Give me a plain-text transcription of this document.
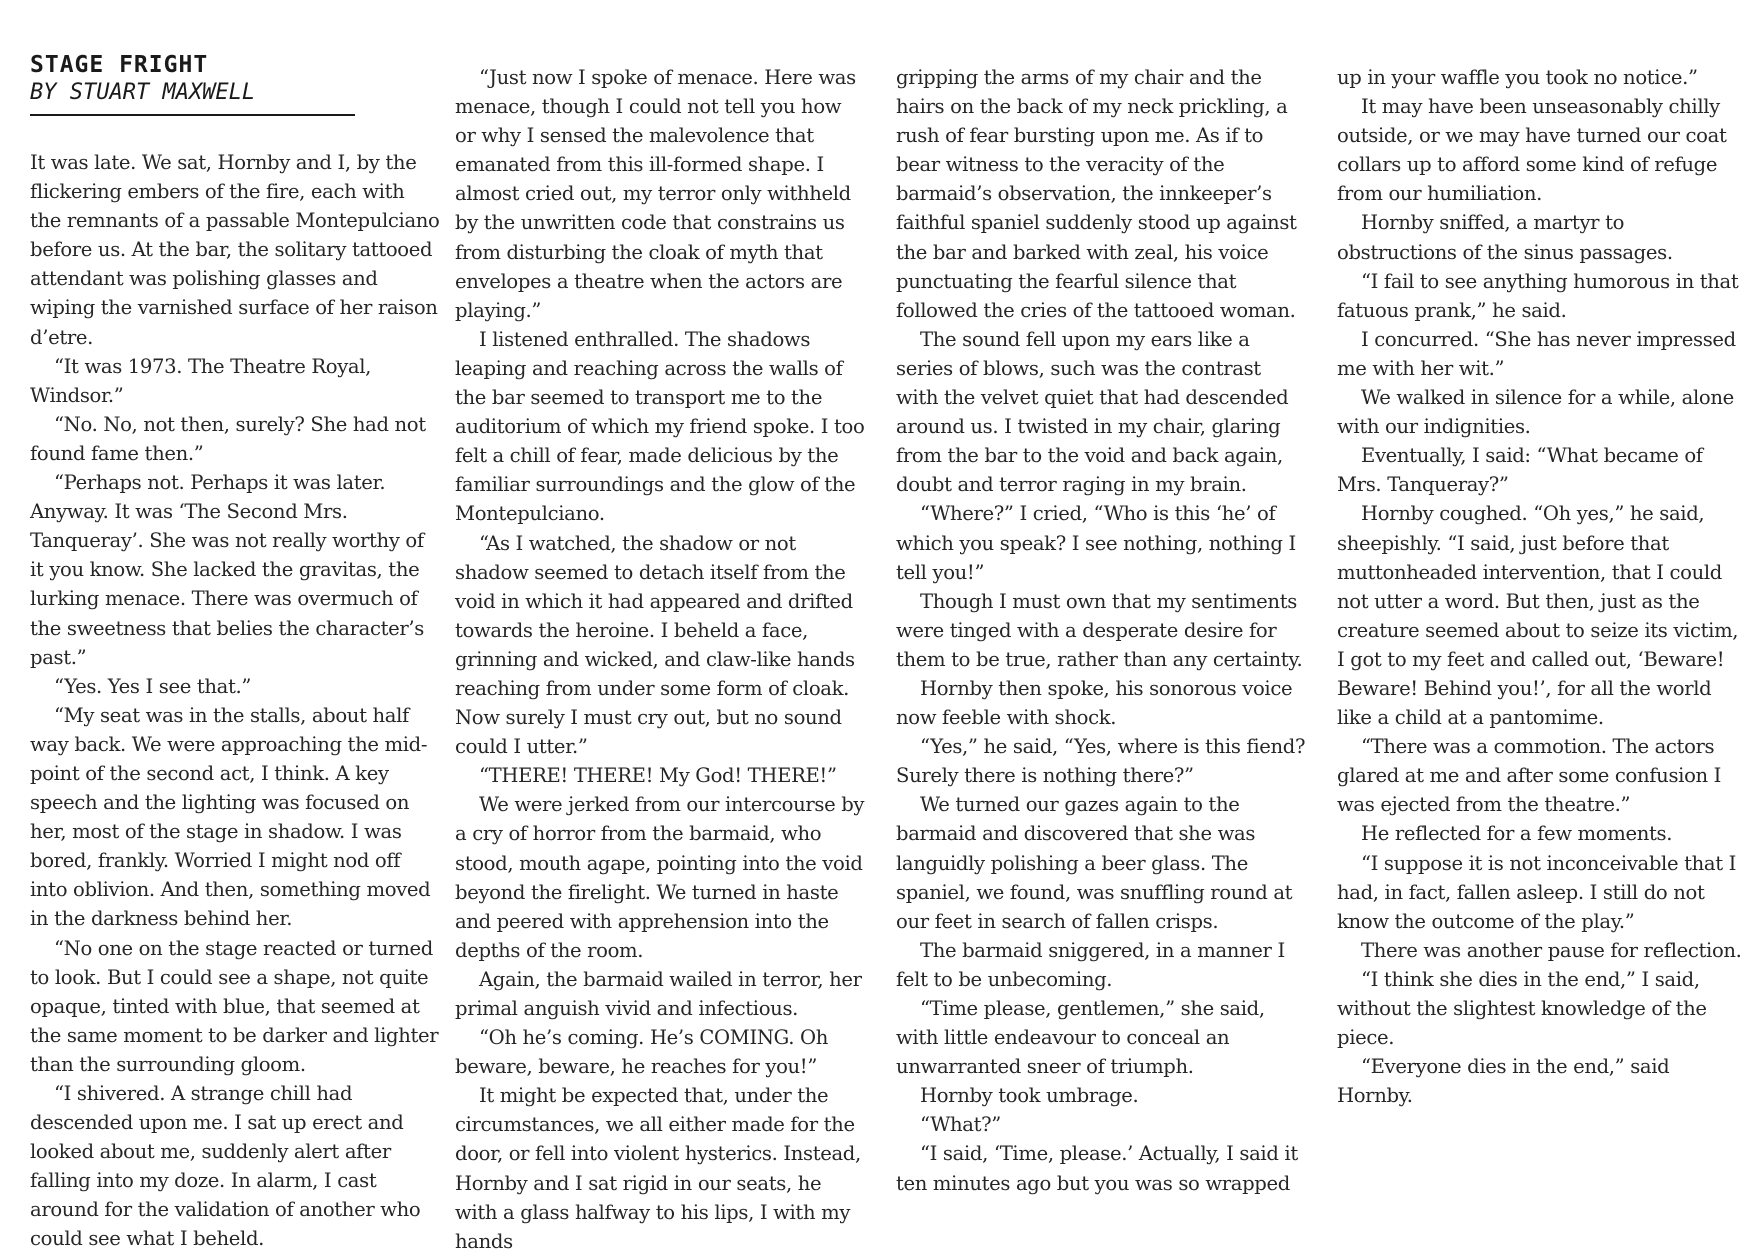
STAGE FRIGHT
BY STUART MAXWELL

It was late. We sat, Hornby and I, by the flickering embers of the fire, each with the remnants of a passable Montepulciano before us. At the bar, the solitary tattooed attendant was polishing glasses and wiping the varnished surface of her raison d’etre.

“It was 1973. The Theatre Royal, Windsor.”

“No. No, not then, surely? She had not found fame then.”

“Perhaps not. Perhaps it was later. Anyway. It was ‘The Second Mrs. Tanqueray’. She was not really worthy of it you know. She lacked the gravitas, the lurking menace. There was overmuch of the sweetness that belies the character’s past.”

“Yes. Yes I see that.”

“My seat was in the stalls, about half way back. We were approaching the mid-point of the second act, I think. A key speech and the lighting was focused on her, most of the stage in shadow. I was bored, frankly. Worried I might nod off into oblivion. And then, something moved in the darkness behind her.

“No one on the stage reacted or turned to look. But I could see a shape, not quite opaque, tinted with blue, that seemed at the same moment to be darker and lighter than the surrounding gloom.

“I shivered. A strange chill had descended upon me. I sat up erect and looked about me, suddenly alert after falling into my doze. In alarm, I cast around for the validation of another who could see what I beheld.

“Just now I spoke of menace. Here was menace, though I could not tell you how or why I sensed the malevolence that emanated from this ill-formed shape. I almost cried out, my terror only withheld by the unwritten code that constrains us from disturbing the cloak of myth that envelopes a theatre when the actors are playing.”

I listened enthralled. The shadows leaping and reaching across the walls of the bar seemed to transport me to the auditorium of which my friend spoke. I too felt a chill of fear, made delicious by the familiar surroundings and the glow of the Montepulciano.

“As I watched, the shadow or not shadow seemed to detach itself from the void in which it had appeared and drifted towards the heroine. I beheld a face, grinning and wicked, and claw-like hands reaching from under some form of cloak. Now surely I must cry out, but no sound could I utter.”

“THERE! THERE! My God! THERE!”

We were jerked from our intercourse by a cry of horror from the barmaid, who stood, mouth agape, pointing into the void beyond the firelight. We turned in haste and peered with apprehension into the depths of the room.

Again, the barmaid wailed in terror, her primal anguish vivid and infectious.

“Oh he’s coming. He’s COMING. Oh beware, beware, he reaches for you!”

It might be expected that, under the circumstances, we all either made for the door, or fell into violent hysterics. Instead, Hornby and I sat rigid in our seats, he with a glass halfway to his lips, I with my hands

gripping the arms of my chair and the hairs on the back of my neck prickling, a rush of fear bursting upon me. As if to bear witness to the veracity of the barmaid’s observation, the innkeeper’s faithful spaniel suddenly stood up against the bar and barked with zeal, his voice punctuating the fearful silence that followed the cries of the tattooed woman.

The sound fell upon my ears like a series of blows, such was the contrast with the velvet quiet that had descended around us. I twisted in my chair, glaring from the bar to the void and back again, doubt and terror raging in my brain.

“Where?” I cried, “Who is this ‘he’ of which you speak? I see nothing, nothing I tell you!”

Though I must own that my sentiments were tinged with a desperate desire for them to be true, rather than any certainty.

Hornby then spoke, his sonorous voice now feeble with shock.

“Yes,” he said, “Yes, where is this fiend? Surely there is nothing there?”

We turned our gazes again to the barmaid and discovered that she was languidly polishing a beer glass. The spaniel, we found, was snuffling round at our feet in search of fallen crisps.

The barmaid sniggered, in a manner I felt to be unbecoming.

“Time please, gentlemen,” she said, with little endeavour to conceal an unwarranted sneer of triumph.

Hornby took umbrage.

“What?”

“I said, ‘Time, please.’ Actually, I said it ten minutes ago but you was so wrapped

up in your waffle you took no notice.”

It may have been unseasonably chilly outside, or we may have turned our coat collars up to afford some kind of refuge from our humiliation.

Hornby sniffed, a martyr to obstructions of the sinus passages.

“I fail to see anything humorous in that fatuous prank,” he said.

I concurred. “She has never impressed me with her wit.”

We walked in silence for a while, alone with our indignities.

Eventually, I said: “What became of Mrs. Tanqueray?”

Hornby coughed. “Oh yes,” he said, sheepishly. “I said, just before that muttonheaded intervention, that I could not utter a word. But then, just as the creature seemed about to seize its victim, I got to my feet and called out, ‘Beware! Beware! Behind you!’, for all the world like a child at a pantomime.

“There was a commotion. The actors glared at me and after some confusion I was ejected from the theatre.”

He reflected for a few moments.

“I suppose it is not inconceivable that I had, in fact, fallen asleep. I still do not know the outcome of the play.”

There was another pause for reflection.

“I think she dies in the end,” I said, without the slightest knowledge of the piece.

“Everyone dies in the end,” said Hornby.
